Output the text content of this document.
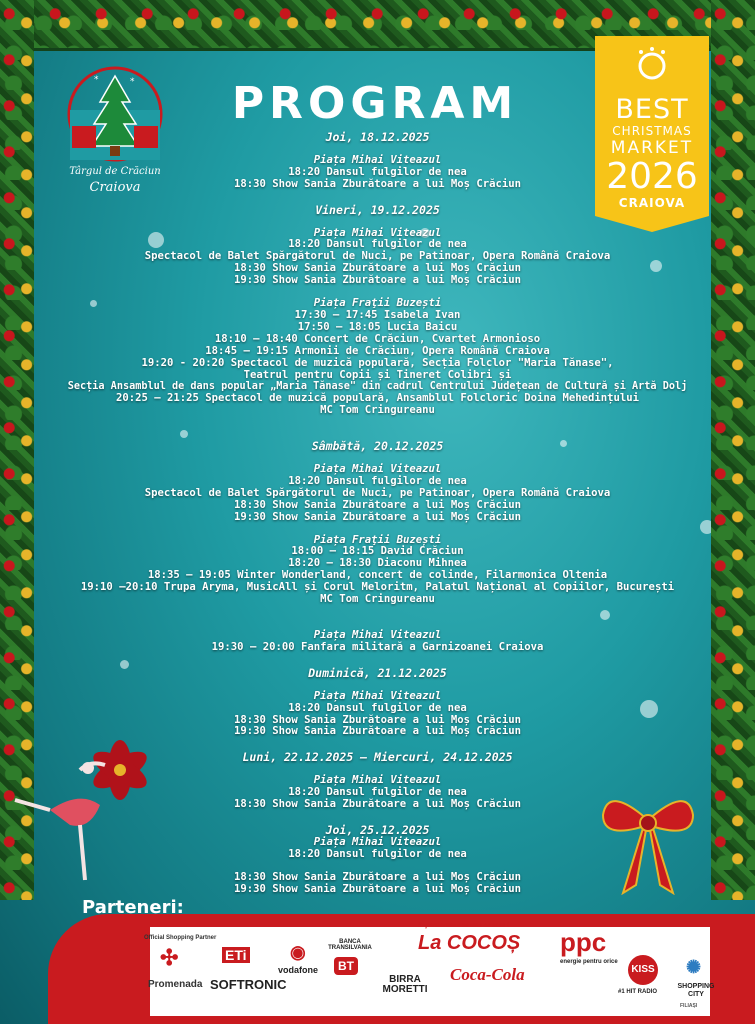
*	*
Târgul de Crăciun
Craiova
PROGRAM	BEST
CHRISTMAS
MARKET
2026
CRAIOVA
Joi, 18.12.2025
Piața Mihai Viteazul
18:20 Dansul fulgilor de nea
18:30 Show Sania Zburătoare a lui Moș Crăciun
Vineri, 19.12.2025
Piața Mihai Viteazul
18:20 Dansul fulgilor de nea
Spectacol de Balet Spărgătorul de Nuci, pe Patinoar, Opera Română Craiova
18:30 Show Sania Zburătoare a lui Moș Crăciun
19:30 Show Sania Zburătoare a lui Moș Crăciun
Piața Fraţii Buzești
17:30 – 17:45 Isabela Ivan
17:50 – 18:05 Lucia Baicu
18:10 – 18:40 Concert de Crăciun, Cvartet Armonioso
18:45 – 19:15 Armonii de Crăciun, Opera Română Craiova
19:20 - 20:20 Spectacol de muzică populară, Secția Folclor "Maria Tănase",
Teatrul pentru Copii și Tineret Colibri și
Secția Ansamblul de dans popular „Maria Tănase" din cadrul Centrului Județean de Cultură și Artă Dolj
20:25 – 21:25 Spectacol de muzică populară, Ansamblul Folcloric Doina Mehedințului
MC Tom Cringureanu
Sâmbătă, 20.12.2025
Piața Mihai Viteazul
18:20 Dansul fulgilor de nea
Spectacol de Balet Spărgătorul de Nuci, pe Patinoar, Opera Română Craiova
18:30 Show Sania Zburătoare a lui Moș Crăciun
19:30 Show Sania Zburătoare a lui Moș Crăciun
Piața Fraţii Buzești
18:00 – 18:15 David Crăciun
18:20 – 18:30 Diaconu Mihnea
18:35 – 19:05 Winter Wonderland, concert de colinde, Filarmonica Oltenia
19:10 –20:10 Trupa Aryma, MusicAll și Corul Meloritm, Palatul Național al Copiilor, București
MC Tom Cringureanu
Piața Mihai Viteazul
19:30 – 20:00 Fanfara militară a Garnizoanei Craiova
Duminică, 21.12.2025
Piața Mihai Viteazul
18:20 Dansul fulgilor de nea
18:30 Show Sania Zburătoare a lui Moș Crăciun
19:30 Show Sania Zburătoare a lui Moș Crăciun
Luni, 22.12.2025 – Miercuri, 24.12.2025
Piața Mihai Viteazul
18:20 Dansul fulgilor de nea
18:30 Show Sania Zburătoare a lui Moș Crăciun
Joi, 25.12.2025
Piața Mihai Viteazul
18:20 Dansul fulgilor de nea
18:30 Show Sania Zburătoare a lui Moș Crăciun
19:30 Show Sania Zburătoare a lui Moș Crăciun
Parteneri:
Official Shopping Partner
✣
Promenada
ETi
SOFTRONIC
◉
vodafone
BANCA TRANSILVANIA
BT
Supermarketul ce vine ca casa !
La COCOȘ
BIRRA MORETTI
Coca-Cola
ppc
energie pentru orice
KISS
#1 HIT RADIO
✺
SHOPPING CITY
FILIAȘI
